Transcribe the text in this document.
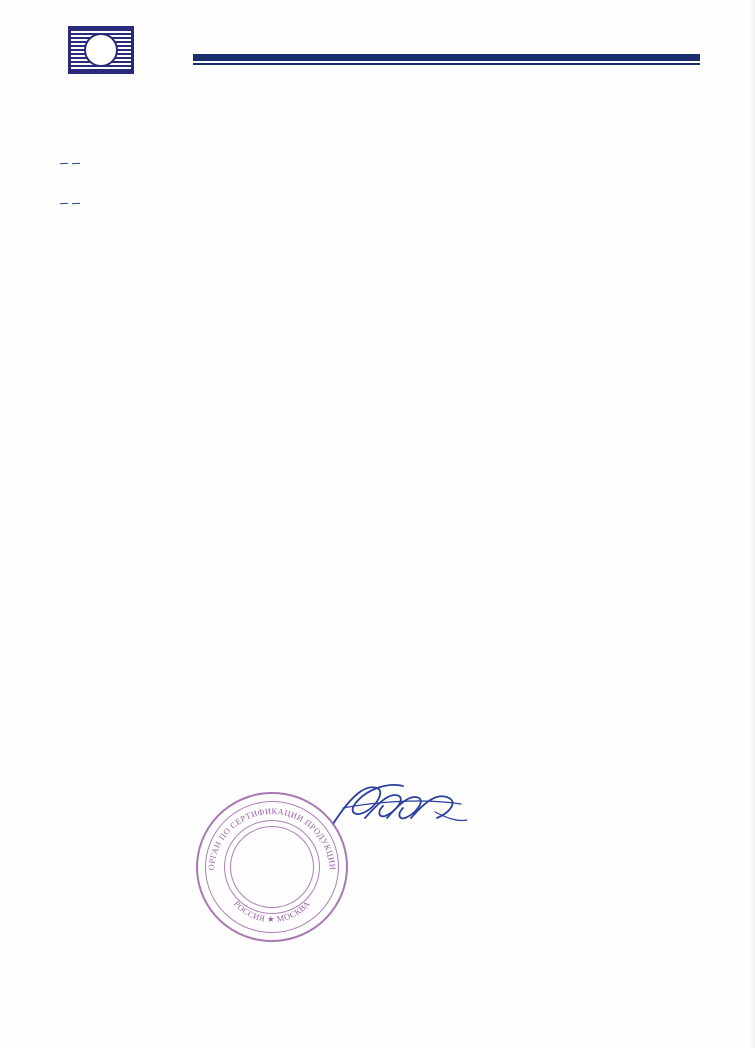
ОРГАН ПО СЕРТИФИКАЦИИ ПРОДУКЦИИ
РОССИЯ ★ МОСКВА
